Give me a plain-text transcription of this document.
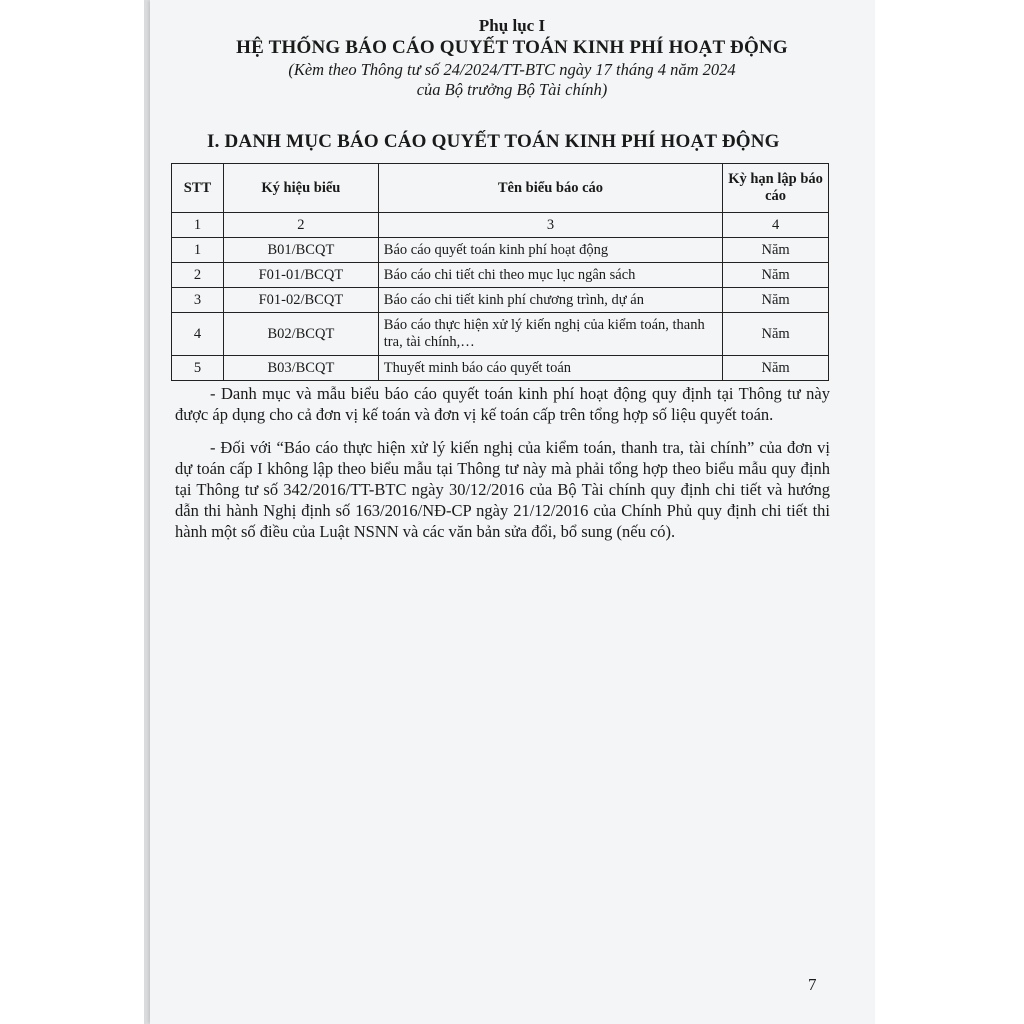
Phụ lục I
HỆ THỐNG BÁO CÁO QUYẾT TOÁN KINH PHÍ HOẠT ĐỘNG
(Kèm theo Thông tư số 24/2024/TT-BTC ngày 17 tháng 4 năm 2024
của Bộ trưởng Bộ Tài chính)
I. DANH MỤC BÁO CÁO QUYẾT TOÁN KINH PHÍ HOẠT ĐỘNG
STT	Ký hiệu biểu	Tên biểu báo cáo	Kỳ hạn lập báo cáo
1	2	3	4
1	B01/BCQT	Báo cáo quyết toán kinh phí hoạt động	Năm
2	F01-01/BCQT	Báo cáo chi tiết chi theo mục lục ngân sách	Năm
3	F01-02/BCQT	Báo cáo chi tiết kinh phí chương trình, dự án	Năm
4	B02/BCQT	Báo cáo thực hiện xử lý kiến nghị của kiểm toán, thanh tra, tài chính,…	Năm
5	B03/BCQT	Thuyết minh báo cáo quyết toán	Năm

- Danh mục và mẫu biểu báo cáo quyết toán kinh phí hoạt động quy định tại Thông tư này được áp dụng cho cả đơn vị kế toán và đơn vị kế toán cấp trên tổng hợp số liệu quyết toán.

- Đối với “Báo cáo thực hiện xử lý kiến nghị của kiểm toán, thanh tra, tài chính” của đơn vị dự toán cấp I không lập theo biểu mẫu tại Thông tư này mà phải tổng hợp theo biểu mẫu quy định tại Thông tư số 342/2016/TT-BTC ngày 30/12/2016 của Bộ Tài chính quy định chi tiết và hướng dẫn thi hành Nghị định số 163/2016/NĐ-CP ngày 21/12/2016 của Chính Phủ quy định chi tiết thi hành một số điều của Luật NSNN và các văn bản sửa đổi, bổ sung (nếu có).

7
